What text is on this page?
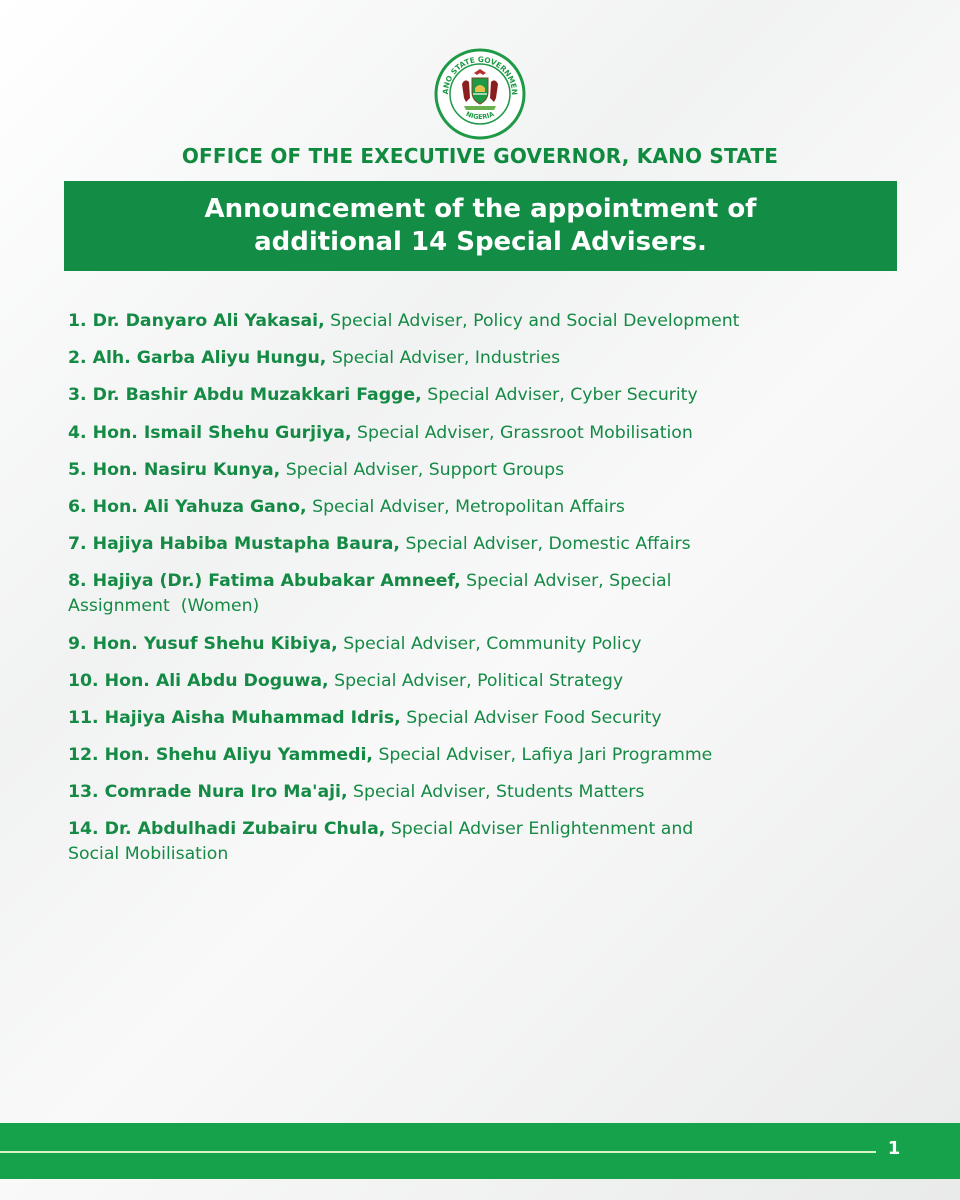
ANO STATE GOVERNMEN
NIGERIA
OFFICE OF THE EXECUTIVE GOVERNOR, KANO STATE
Announcement of the appointment of
additional 14 Special Advisers.
1. Dr. Danyaro Ali Yakasai, Special Adviser, Policy and Social Development
2. Alh. Garba Aliyu Hungu, Special Adviser, Industries
3. Dr. Bashir Abdu Muzakkari Fagge, Special Adviser, Cyber Security
4. Hon. Ismail Shehu Gurjiya, Special Adviser, Grassroot Mobilisation
5. Hon. Nasiru Kunya, Special Adviser, Support Groups
6. Hon. Ali Yahuza Gano, Special Adviser, Metropolitan Affairs
7. Hajiya Habiba Mustapha Baura, Special Adviser, Domestic Affairs
8. Hajiya (Dr.) Fatima Abubakar Amneef, Special Adviser, Special
Assignment  (Women)
9. Hon. Yusuf Shehu Kibiya, Special Adviser, Community Policy
10. Hon. Ali Abdu Doguwa, Special Adviser, Political Strategy
11. Hajiya Aisha Muhammad Idris, Special Adviser Food Security
12. Hon. Shehu Aliyu Yammedi, Special Adviser, Lafiya Jari Programme
13. Comrade Nura Iro Ma'aji, Special Adviser, Students Matters
14. Dr. Abdulhadi Zubairu Chula, Special Adviser Enlightenment and
Social Mobilisation
1
